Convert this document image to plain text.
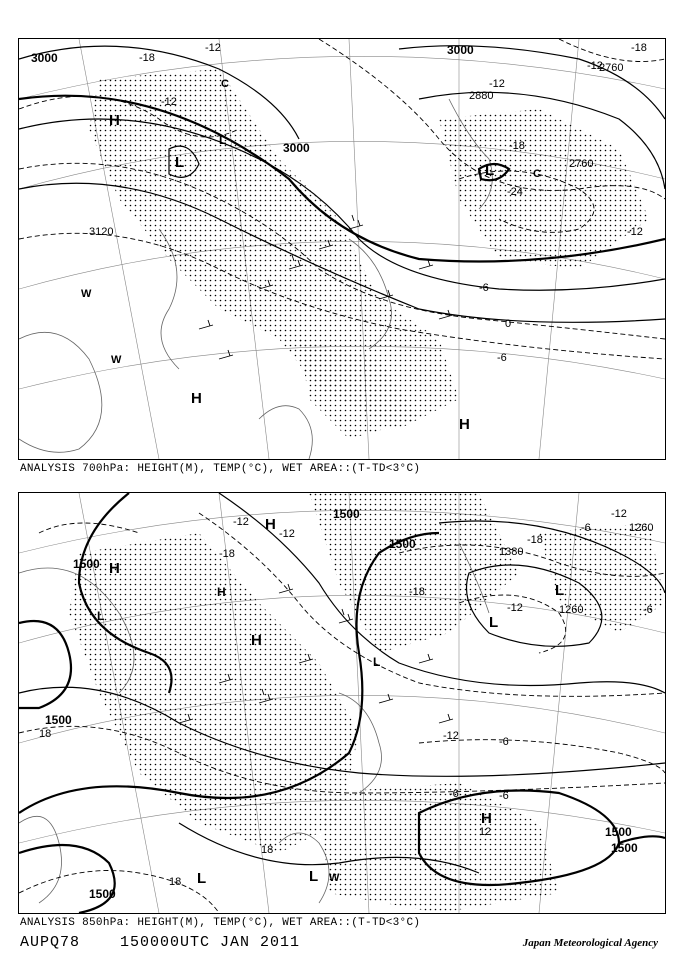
3000
3000
3000
3120
2880
2760
2760
-12
-18
-12
-18
-12
-18
-12
-24
-6
0
-6
-12
H
L
L
W
W
H
H
C
C
L
ANALYSIS 700hPa: HEIGHT(M), TEMP(°C), WET AREA::(T-TD<3°C)
1500
1500
1500
1500
1500
1500
1380
1260
1260
1500
-12
-18
-12
-6
-12
-18
-6
-12	-6
-18
-12
-6	-6
18
18
12
18
H
L
H
H
H
L
L
L
H
L	L W
ANALYSIS 850hPa: HEIGHT(M), TEMP(°C), WET AREA::(T-TD<3°C)
AUPQ78	150000UTC JAN 2011	Japan Meteorological Agency
